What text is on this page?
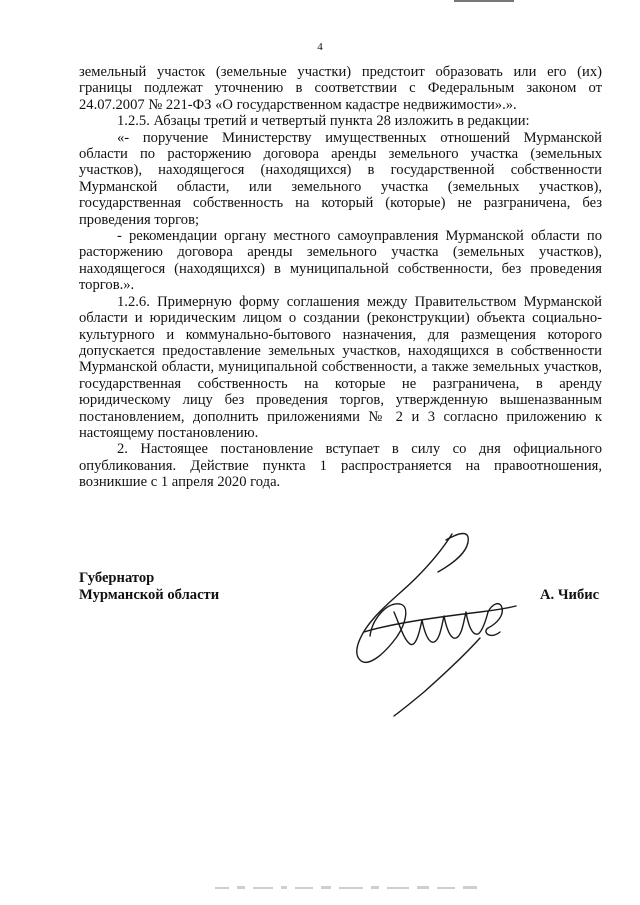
4

земельный участок (земельные участки) предстоит образовать или его (их) границы подлежат уточнению в соответствии с Федеральным законом от 24.07.2007 № 221-ФЗ «О государственном кадастре недвижимости».».

1.2.5. Абзацы третий и четвертый пункта 28 изложить в редакции:

«- поручение Министерству имущественных отношений Мурманской области по расторжению договора аренды земельного участка (земельных участков), находящегося (находящихся) в государственной собственности Мурманской области, или земельного участка (земельных участков), государственная собственность на который (которые) не разграничена, без проведения торгов;

- рекомендации органу местного самоуправления Мурманской области по расторжению договора аренды земельного участка (земельных участков), находящегося (находящихся) в муниципальной собственности, без проведения торгов.».

1.2.6. Примерную форму соглашения между Правительством Мурманской области и юридическим лицом о создании (реконструкции) объекта социально-культурного и коммунально-бытового назначения, для размещения которого допускается предоставление земельных участков, находящихся в собственности Мурманской области, муниципальной собственности, а также земельных участков, государственная собственность на которые не разграничена, в аренду юридическому лицу без проведения торгов, утвержденную вышеназванным постановлением, дополнить приложениями № 2 и 3 согласно приложению к настоящему постановлению.

2. Настоящее постановление вступает в силу со дня официального опубликования. Действие пункта 1 распространяется на правоотношения, возникшие с 1 апреля 2020 года.

Губернатор
Мурманской области	А. Чибис
